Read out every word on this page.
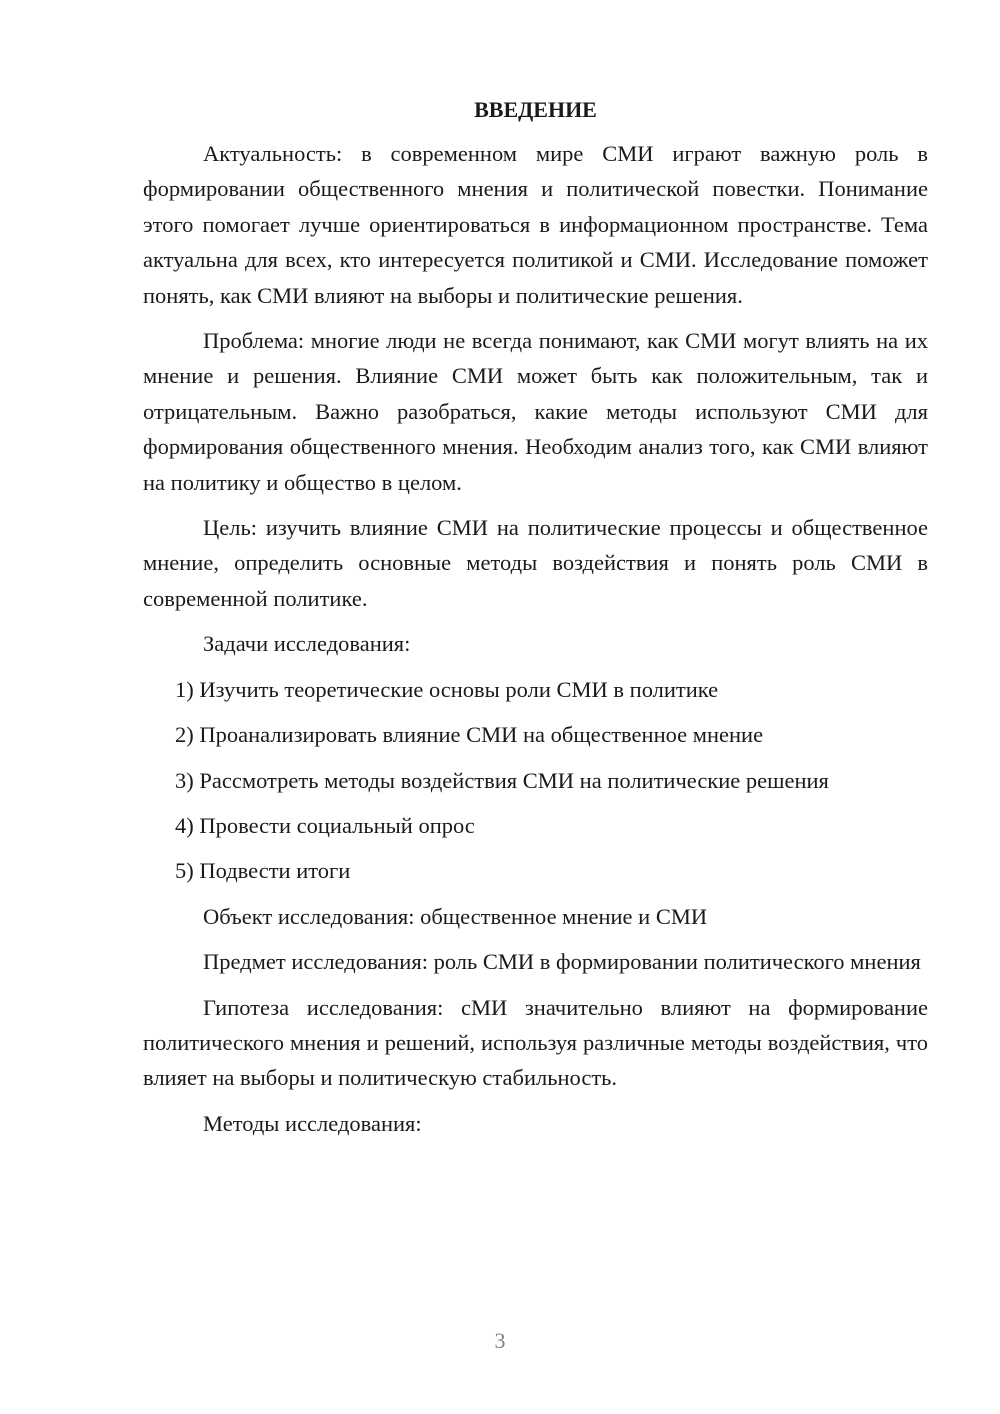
ВВЕДЕНИЕ

Актуальность: в современном мире СМИ играют важную роль в формировании общественного мнения и политической повестки. Понимание этого помогает лучше ориентироваться в информационном пространстве. Тема актуальна для всех, кто интересуется политикой и СМИ. Исследование поможет понять, как СМИ влияют на выборы и политические решения.

Проблема: многие люди не всегда понимают, как СМИ могут влиять на их мнение и решения. Влияние СМИ может быть как положительным, так и отрицательным. Важно разобраться, какие методы используют СМИ для формирования общественного мнения. Необходим анализ того, как СМИ влияют на политику и общество в целом.

Цель: изучить влияние СМИ на политические процессы и общественное мнение, определить основные методы воздействия и понять роль СМИ в современной политике.

Задачи исследования:

1) Изучить теоретические основы роли СМИ в политике
2) Проанализировать влияние СМИ на общественное мнение
3) Рассмотреть методы воздействия СМИ на политические решения
4) Провести социальный опрос
5) Подвести итоги

Объект исследования: общественное мнение и СМИ

Предмет исследования: роль СМИ в формировании политического мнения

Гипотеза исследования: сМИ значительно влияют на формирование политического мнения и решений, используя различные методы воздействия, что влияет на выборы и политическую стабильность.

Методы исследования:

3
